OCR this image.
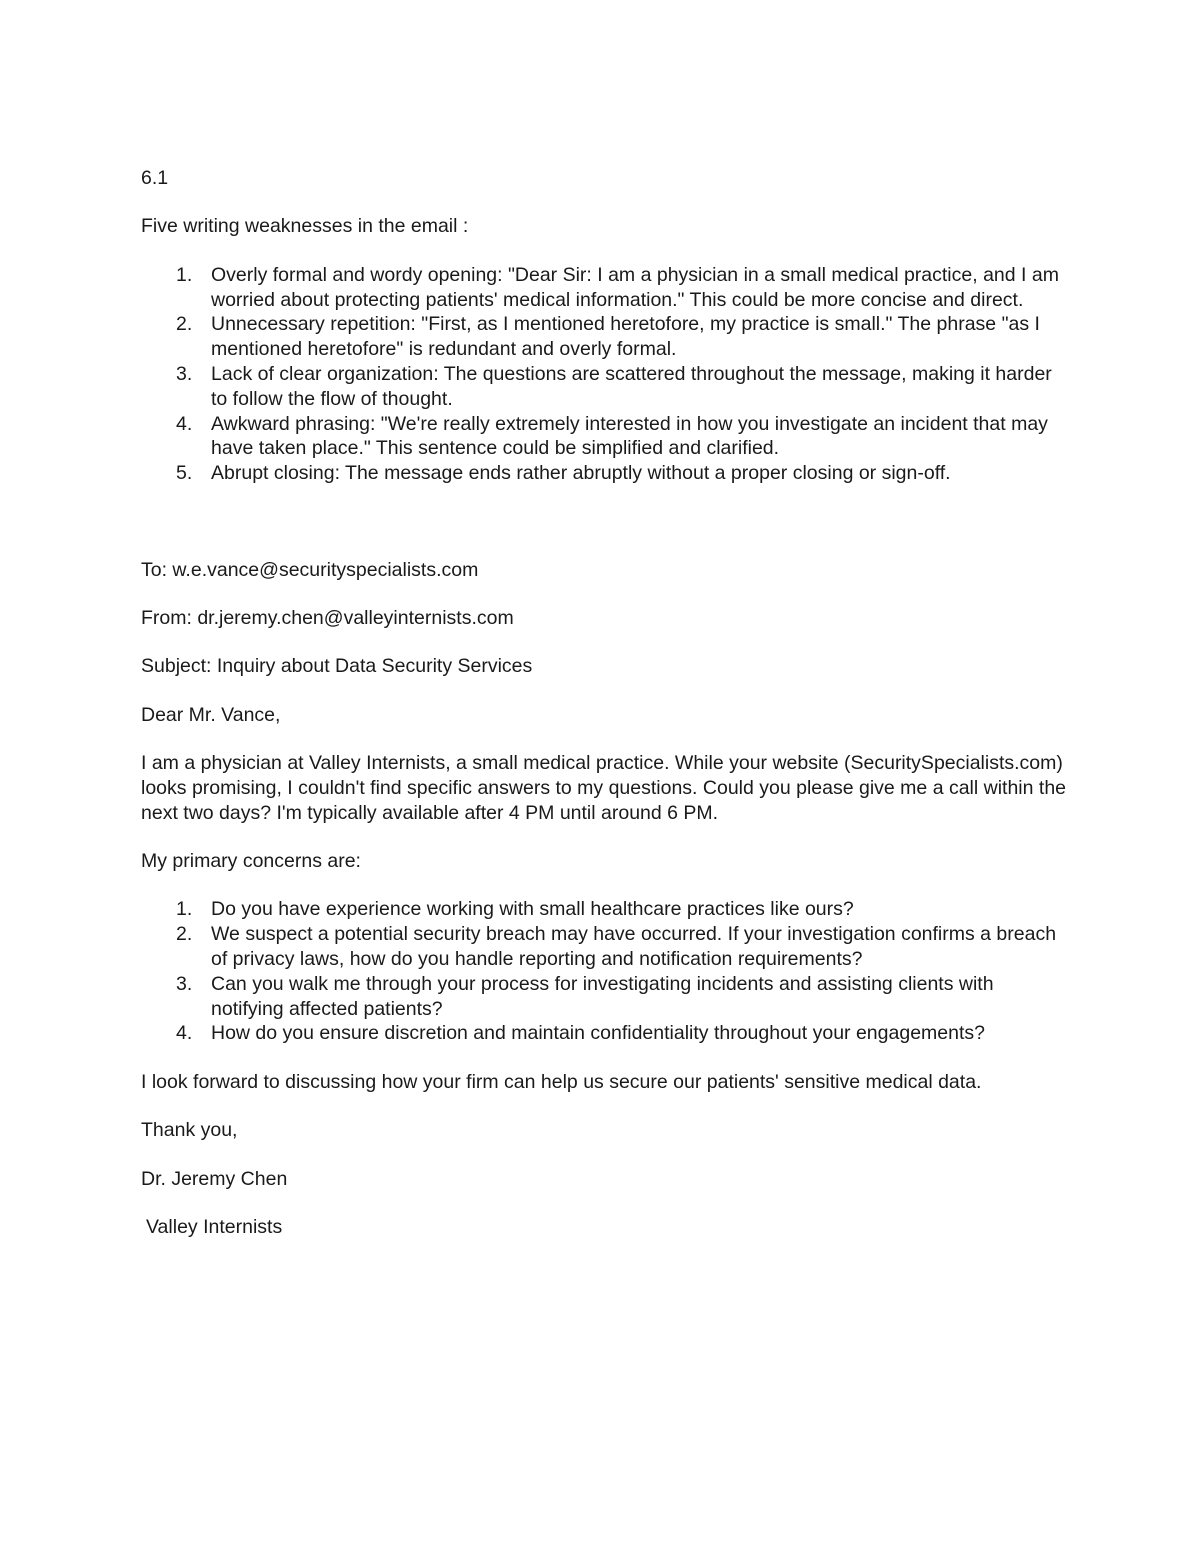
6.1

Five writing weaknesses in the email :

1. Overly formal and wordy opening: "Dear Sir: I am a physician in a small medical practice, and I am worried about protecting patients' medical information." This could be more concise and direct.
2. Unnecessary repetition: "First, as I mentioned heretofore, my practice is small." The phrase "as I mentioned heretofore" is redundant and overly formal.
3. Lack of clear organization: The questions are scattered throughout the message, making it harder to follow the flow of thought.
4. Awkward phrasing: "We're really extremely interested in how you investigate an incident that may have taken place." This sentence could be simplified and clarified.
5. Abrupt closing: The message ends rather abruptly without a proper closing or sign-off.

To: w.e.vance@securityspecialists.com

From: dr.jeremy.chen@valleyinternists.com

Subject: Inquiry about Data Security Services

Dear Mr. Vance,

I am a physician at Valley Internists, a small medical practice. While your website (SecuritySpecialists.com) looks promising, I couldn't find specific answers to my questions. Could you please give me a call within the next two days? I'm typically available after 4 PM until around 6 PM.

My primary concerns are:

1. Do you have experience working with small healthcare practices like ours?
2. We suspect a potential security breach may have occurred. If your investigation confirms a breach of privacy laws, how do you handle reporting and notification requirements?
3. Can you walk me through your process for investigating incidents and assisting clients with notifying affected patients?
4. How do you ensure discretion and maintain confidentiality throughout your engagements?

I look forward to discussing how your firm can help us secure our patients' sensitive medical data.

Thank you,

Dr. Jeremy Chen

Valley Internists
